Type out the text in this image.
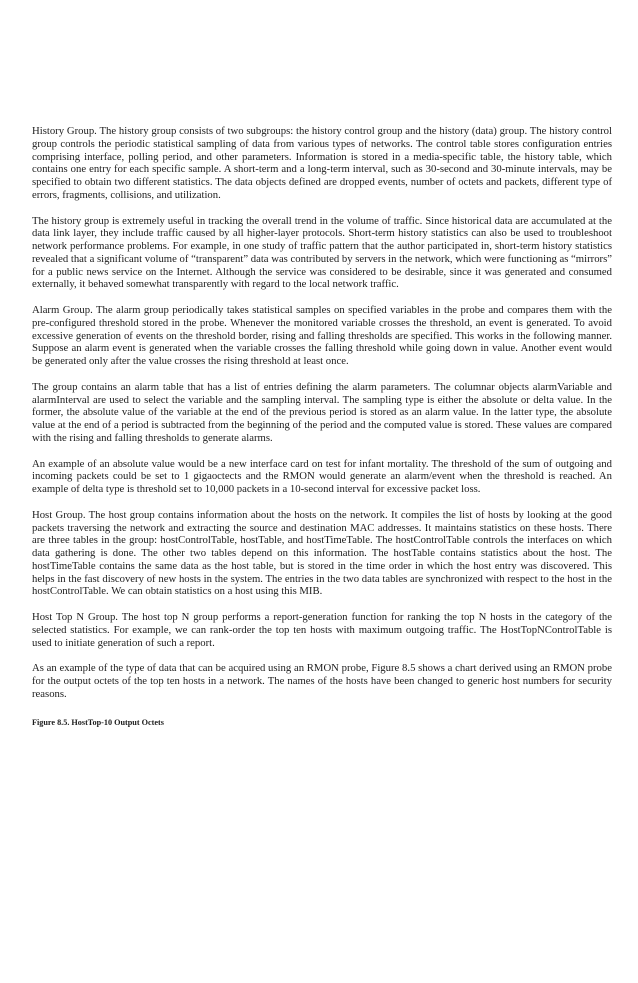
History Group. The history group consists of two subgroups: the history control group and the history (data) group. The history control group controls the periodic statistical sampling of data from various types of networks. The control table stores configuration entries comprising interface, polling period, and other parameters. Information is stored in a media-specific table, the history table, which contains one entry for each specific sample. A short-term and a long-term interval, such as 30-second and 30-minute intervals, may be specified to obtain two different statistics. The data objects defined are dropped events, number of octets and packets, different type of errors, fragments, collisions, and utilization.

The history group is extremely useful in tracking the overall trend in the volume of traffic. Since historical data are accumulated at the data link layer, they include traffic caused by all higher-layer protocols. Short-term history statistics can also be used to troubleshoot network performance problems. For example, in one study of traffic pattern that the author participated in, short-term history statistics revealed that a significant volume of “transparent” data was contributed by servers in the network, which were functioning as “mirrors” for a public news service on the Internet. Although the service was considered to be desirable, since it was generated and consumed externally, it behaved somewhat transparently with regard to the local network traffic.

Alarm Group. The alarm group periodically takes statistical samples on specified variables in the probe and compares them with the pre-configured threshold stored in the probe. Whenever the monitored variable crosses the threshold, an event is generated. To avoid excessive generation of events on the threshold border, rising and falling thresholds are specified. This works in the following manner. Suppose an alarm event is generated when the variable crosses the falling threshold while going down in value. Another event would be generated only after the value crosses the rising threshold at least once.

The group contains an alarm table that has a list of entries defining the alarm parameters. The columnar objects alarmVariable and alarmInterval are used to select the variable and the sampling interval. The sampling type is either the absolute or delta value. In the former, the absolute value of the variable at the end of the previous period is stored as an alarm value. In the latter type, the absolute value at the end of a period is subtracted from the beginning of the period and the computed value is stored. These values are compared with the rising and falling thresholds to generate alarms.

An example of an absolute value would be a new interface card on test for infant mortality. The threshold of the sum of outgoing and incoming packets could be set to 1 gigaoctects and the RMON would generate an alarm/event when the threshold is reached. An example of delta type is threshold set to 10,000 packets in a 10-second interval for excessive packet loss.

Host Group. The host group contains information about the hosts on the network. It compiles the list of hosts by looking at the good packets traversing the network and extracting the source and destination MAC addresses. It maintains statistics on these hosts. There are three tables in the group: hostControlTable, hostTable, and hostTimeTable. The hostControlTable controls the interfaces on which data gathering is done. The other two tables depend on this information. The hostTable contains statistics about the host. The hostTimeTable contains the same data as the host table, but is stored in the time order in which the host entry was discovered. This helps in the fast discovery of new hosts in the system. The entries in the two data tables are synchronized with respect to the host in the hostControlTable. We can obtain statistics on a host using this MIB.

Host Top N Group. The host top N group performs a report-generation function for ranking the top N hosts in the category of the selected statistics. For example, we can rank-order the top ten hosts with maximum outgoing traffic. The HostTopNControlTable is used to initiate generation of such a report.

As an example of the type of data that can be acquired using an RMON probe, Figure 8.5 shows a chart derived using an RMON probe for the output octets of the top ten hosts in a network. The names of the hosts have been changed to generic host numbers for security reasons.

Figure 8.5. HostTop-10 Output Octets
